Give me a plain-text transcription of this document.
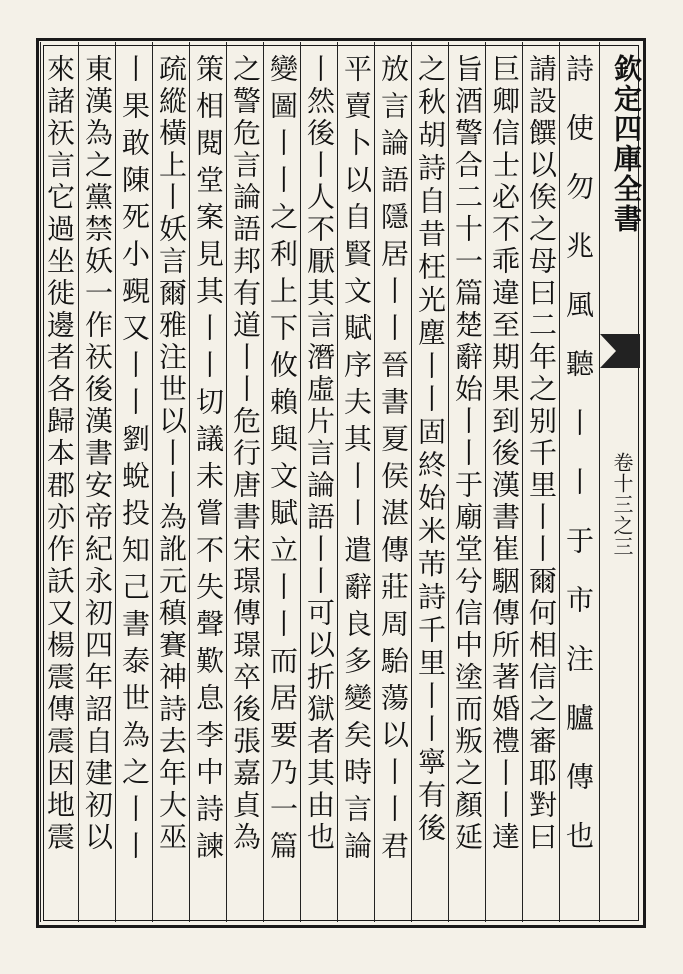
欽定四庫全書
卷十三之三
詩使勿兆風聽丨丨于市注臚傳也
請設饌以俟之母曰二年之别千里丨丨爾何相信之審耶對曰
巨卿信士必不乖違至期果到後漢書崔駰傳所著婚禮丨丨達
旨酒警合二十一篇楚辭始丨丨于廟堂兮信中塗而叛之顏延
之秋胡詩自昔枉光塵丨丨固終始米芾詩千里丨丨寧有後
放言論語隱居丨丨晉書夏侯湛傳莊周駘蕩以丨丨君
平賣卜以自賢文賦序夫其丨丨遣辭良多變矣時言論
丨然後丨人不厭其言潛虛片言論語丨丨可以折獄者其由也
變圖丨丨之利上下攸賴與文賦立丨丨而居要乃一篇
之警危言論語邦有道丨丨危行唐書宋璟傳璟卒後張嘉貞為
策相閱堂案見其丨丨切議未嘗不失聲歎息李中詩諫
疏縱橫上丨妖言爾雅注世以丨丨為訛元稹賽神詩去年大巫
丨果敢陳死小覡又丨丨劉蛻投知己書泰世為之丨丨
東漢為之黨禁妖一作祆後漢書安帝紀永初四年詔自建初以
來諸祆言它過坐徙邊者各歸本郡亦作訞又楊震傳震因地震
